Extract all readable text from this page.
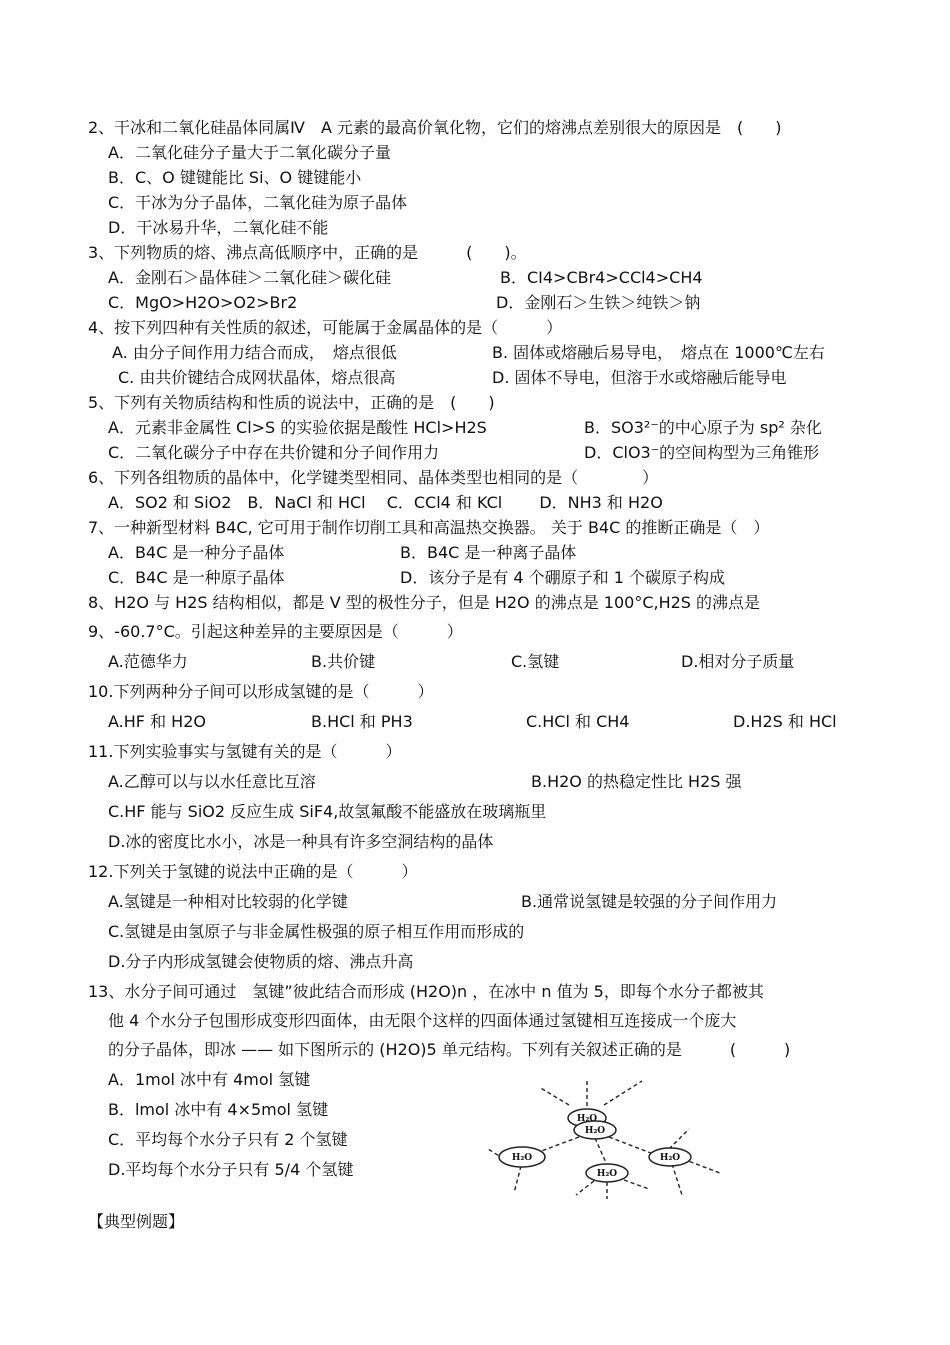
2、干冰和二氧化硅晶体同属Ⅳ　A 元素的最高价氧化物，它们的熔沸点差别很大的原因是　(　　)
A．二氧化硅分子量大于二氧化碳分子量
B．C、O 键键能比 Si、O 键键能小
C．干冰为分子晶体，二氧化硅为原子晶体
D．干冰易升华，二氧化硅不能
3、下列物质的熔、沸点高低顺序中，正确的是　　　(　　)。
A．金刚石＞晶体硅＞二氧化硅＞碳化硅	B．CI4>CBr4>CCl4>CH4
C．MgO>H2O>O2>Br2	D．金刚石＞生铁＞纯铁＞钠
4、按下列四种有关性质的叙述，可能属于金属晶体的是（　　　）
A. 由分子间作用力结合而成，　熔点很低	B. 固体或熔融后易导电，　熔点在 1000℃左右
C. 由共价键结合成网状晶体，熔点很高	D. 固体不导电，但溶于水或熔融后能导电
5、下列有关物质结构和性质的说法中，正确的是　(　　)
A．元素非金属性 Cl>S 的实验依据是酸性 HCl>H2S	B．SO3²⁻的中心原子为 sp² 杂化
C．二氧化碳分子中存在共价键和分子间作用力	D．ClO3⁻的空间构型为三角锥形
6、下列各组物质的晶体中，化学键类型相同、晶体类型也相同的是（　　　　）
A．SO2 和 SiO2　B．NaCl 和 HCl　 C．CCl4 和 KCl　　 D．NH3 和 H2O
7、一种新型材料 B4C, 它可用于制作切削工具和高温热交换器。 关于 B4C 的推断正确是（　）
A．B4C 是一种分子晶体	B．B4C 是一种离子晶体
C．B4C 是一种原子晶体	D．该分子是有 4 个硼原子和 1 个碳原子构成
8、H2O 与 H2S 结构相似，都是 V 型的极性分子，但是 H2O 的沸点是 100°C,H2S 的沸点是
9、-60.7°C。引起这种差异的主要原因是（　　　）
A.范德华力	B.共价键	C.氢键	D.相对分子质量
10.下列两种分子间可以形成氢键的是（　　　）
A.HF 和 H2O	B.HCl 和 PH3	C.HCl 和 CH4	D.H2S 和 HCl
11.下列实验事实与氢键有关的是（　　　）
A.乙醇可以与以水任意比互溶	B.H2O 的热稳定性比 H2S 强
C.HF 能与 SiO2 反应生成 SiF4,故氢氟酸不能盛放在玻璃瓶里
D.冰的密度比水小，冰是一种具有许多空洞结构的晶体
12.下列关于氢键的说法中正确的是（　　　）
A.氢键是一种相对比较弱的化学键	B.通常说氢键是较强的分子间作用力
C.氢键是由氢原子与非金属性极强的原子相互作用而形成的
D.分子内形成氢键会使物质的熔、沸点升高
13、水分子间可通过　氢键”彼此结合而形成 (H2O)n ，在冰中 n 值为 5，即每个水分子都被其
他 4 个水分子包围形成变形四面体，由无限个这样的四面体通过氢键相互连接成一个庞大
的分子晶体，即冰 —— 如下图所示的 (H2O)5 单元结构。下列有关叙述正确的是　　　(　　　)
A．1mol 冰中有 4mol 氢键
B．lmol 冰中有 4×5mol 氢键
C．平均每个水分子只有 2 个氢键
D.平均每个水分子只有 5/4 个氢键
【典型例题】
H₂O
H₂O
H₂O
H₂O
H₂O
